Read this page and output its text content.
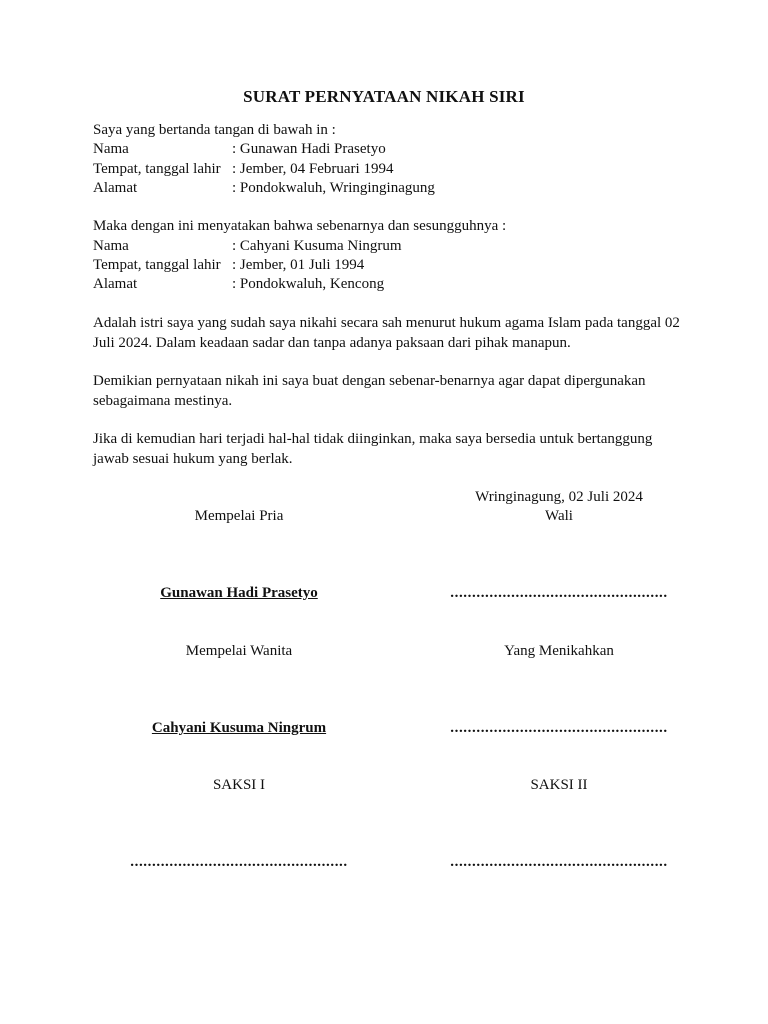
SURAT PERNYATAAN NIKAH SIRI
Saya yang bertanda tangan di bawah in :
Nama	: Gunawan Hadi Prasetyo
Tempat, tanggal lahir : Jember, 04 Februari 1994
Alamat	: Pondokwaluh, Wringinginagung
Maka dengan ini menyatakan bahwa sebenarnya dan sesungguhnya :
Nama	: Cahyani Kusuma Ningrum
Tempat, tanggal lahir : Jember, 01 Juli 1994
Alamat	: Pondokwaluh, Kencong
Adalah istri saya yang sudah saya nikahi secara sah menurut hukum agama Islam pada tanggal 02 Juli 2024. Dalam keadaan sadar dan tanpa adanya paksaan dari pihak manapun.
Demikian pernyataan nikah ini saya buat dengan sebenar-benarnya agar dapat dipergunakan sebagaimana mestinya.
Jika di kemudian hari terjadi hal-hal tidak diinginkan, maka saya bersedia untuk bertanggung jawab sesuai hukum yang berlak.
Wringinagung, 02 Juli 2024
Mempelai Pria	Wali
Gunawan Hadi Prasetyo	..................................................
Mempelai Wanita	Yang Menikahkan
Cahyani Kusuma Ningrum	..................................................
SAKSI I	SAKSI II
..................................................	..................................................
